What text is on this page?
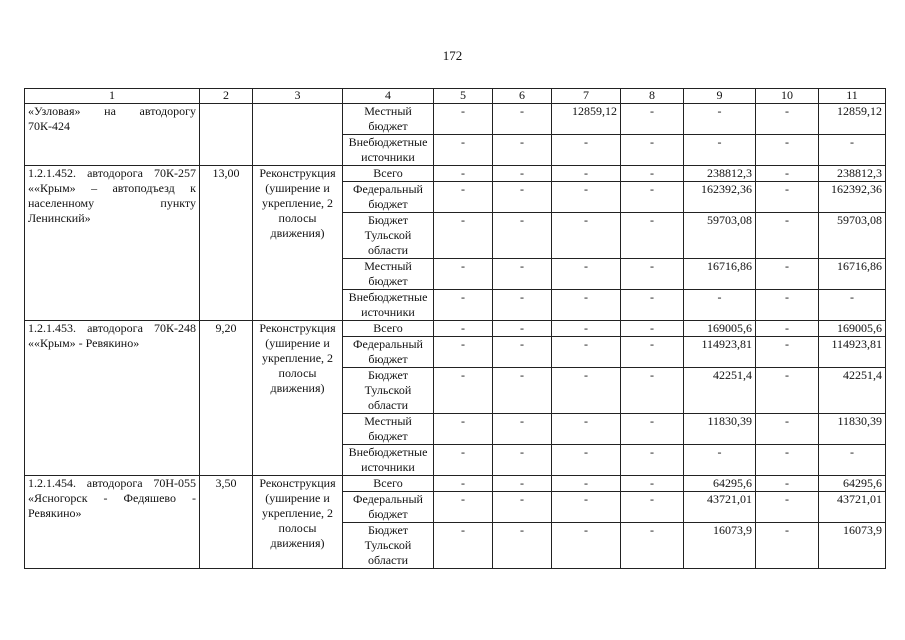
172
1	2	3	4	5	6	7	8	9	10	11
«Узловая» на автодорогу 70К-424			Местный бюджет	-	-	12859,12	-	-	-	12859,12
			Внебюджетные источники	-	-	-	-	-	-	-
1.2.1.452. автодорога 70К-257 ««Крым» – автоподъезд к населенному пункту Ленинский»	13,00	Реконструкция (уширение и укрепление, 2 полосы движения)	Всего	-	-	-	-	238812,3	-	238812,3
			Федеральный бюджет	-	-	-	-	162392,36	-	162392,36
			Бюджет Тульской области	-	-	-	-	59703,08	-	59703,08
			Местный бюджет	-	-	-	-	16716,86	-	16716,86
			Внебюджетные источники	-	-	-	-	-	-	-
1.2.1.453. автодорога 70К-248 ««Крым» - Ревякино»	9,20	Реконструкция (уширение и укрепление, 2 полосы движения)	Всего	-	-	-	-	169005,6	-	169005,6
			Федеральный бюджет	-	-	-	-	114923,81	-	114923,81
			Бюджет Тульской области	-	-	-	-	42251,4	-	42251,4
			Местный бюджет	-	-	-	-	11830,39	-	11830,39
			Внебюджетные источники	-	-	-	-	-	-	-
1.2.1.454. автодорога 70Н-055 «Ясногорск - Федяшево - Ревякино»	3,50	Реконструкция (уширение и укрепление, 2 полосы движения)	Всего	-	-	-	-	64295,6	-	64295,6
			Федеральный бюджет	-	-	-	-	43721,01	-	43721,01
			Бюджет Тульской области	-	-	-	-	16073,9	-	16073,9
